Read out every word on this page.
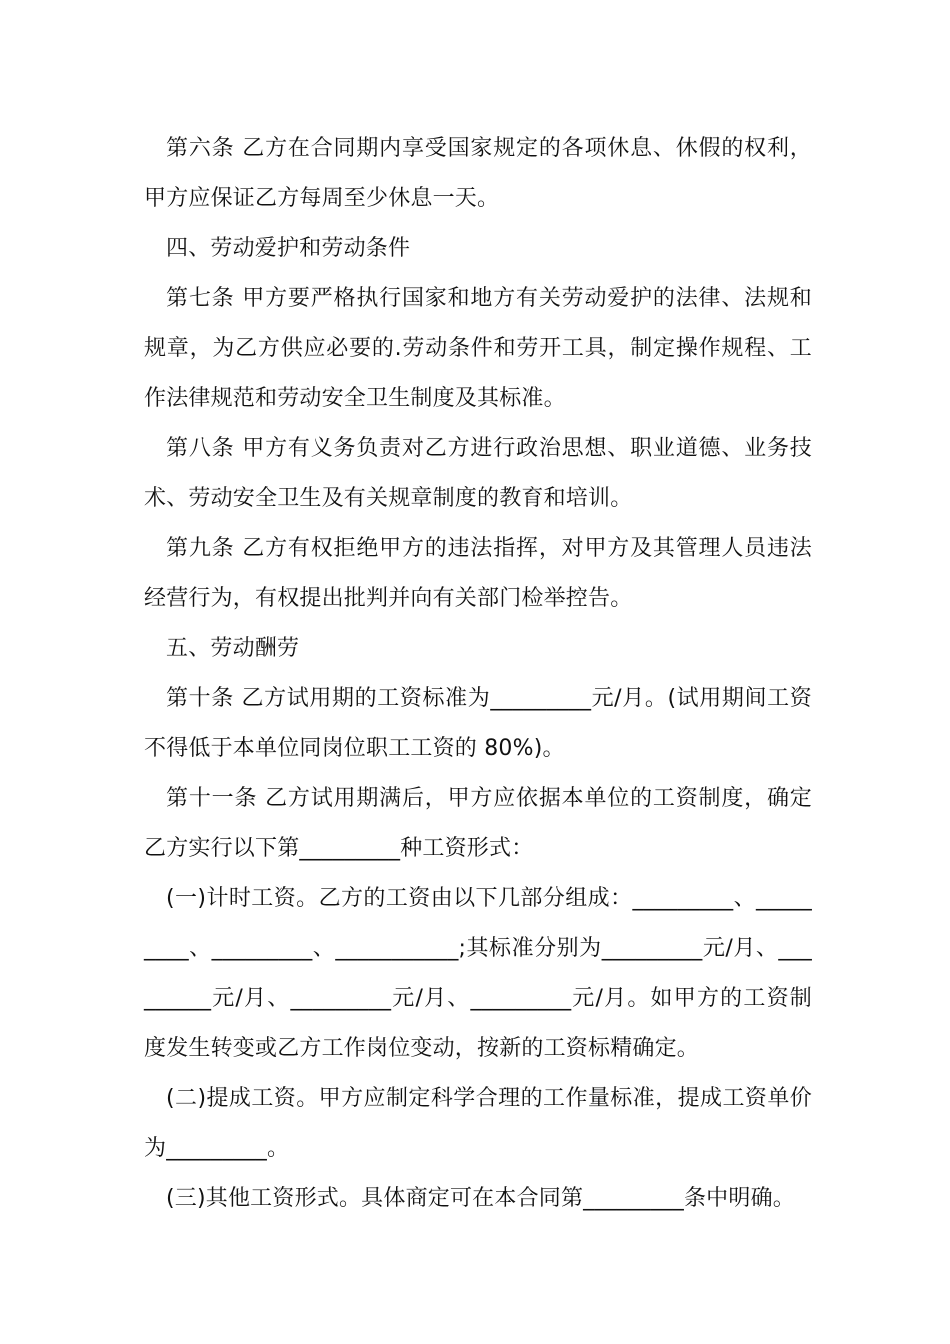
第六条 乙方在合同期内享受国家规定的各项休息、休假的权利，甲方应保证乙方每周至少休息一天。

四、劳动爱护和劳动条件

第七条 甲方要严格执行国家和地方有关劳动爱护的法律、法规和规章，为乙方供应必要的.劳动条件和劳开工具，制定操作规程、工作法律规范和劳动安全卫生制度及其标准。

第八条 甲方有义务负责对乙方进行政治思想、职业道德、业务技术、劳动安全卫生及有关规章制度的教育和培训。

第九条 乙方有权拒绝甲方的违法指挥，对甲方及其管理人员违法经营行为，有权提出批判并向有关部门检举控告。

五、劳动酬劳

第十条 乙方试用期的工资标准为_________元/月。(试用期间工资不得低于本单位同岗位职工工资的 80%)。

第十一条 乙方试用期满后，甲方应依据本单位的工资制度，确定乙方实行以下第_________种工资形式：

(一)计时工资。乙方的工资由以下几部分组成：_________、_________、_________、___________;其标准分别为_________元/月、_________元/月、_________元/月、_________元/月。如甲方的工资制度发生转变或乙方工作岗位变动，按新的工资标精确定。

(二)提成工资。甲方应制定科学合理的工作量标准，提成工资单价为_________。

(三)其他工资形式。具体商定可在本合同第_________条中明确。
